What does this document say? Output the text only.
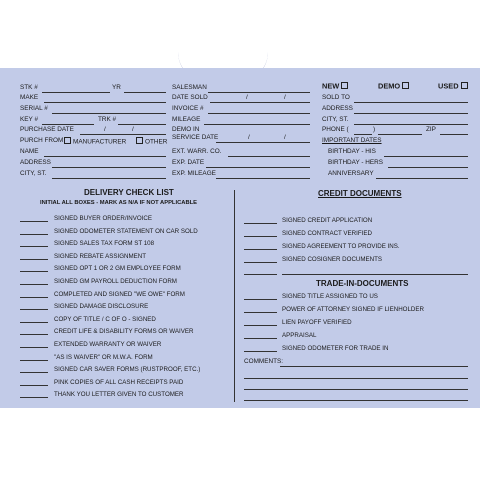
STK #	YR	SALESMAN	NEW	DEMO	USED
MAKE	DATE SOLD	/	/	SOLD TO
SERIAL #	INVOICE #	ADDRESS
KEY #	TRK #	MILEAGE	CITY, ST.
PURCHASE DATE	/	/	DEMO IN
SERVICE DATE	/	/
PHONE (	)	ZIP
PURCH FROM	MANUFACTURER	OTHER	IMPORTANT DATES
NAME	EXT. WARR. CO.	BIRTHDAY - HIS
ADDRESS	EXP. DATE	BIRTHDAY - HERS
CITY, ST.	EXP. MILEAGE	ANNIVERSARY
DELIVERY CHECK LIST
INITIAL ALL BOXES - MARK AS N/A IF NOT APPLICABLE
SIGNED BUYER ORDER/INVOICE
SIGNED ODOMETER STATEMENT ON CAR SOLD
SIGNED SALES TAX FORM ST 108
SIGNED REBATE ASSIGNMENT
SIGNED OPT 1 OR 2 GM EMPLOYEE FORM
SIGNED GM PAYROLL DEDUCTION FORM
COMPLETED AND SIGNED "WE OWE" FORM
SIGNED DAMAGE DISCLOSURE
COPY OF TITLE / C OF O - SIGNED
CREDIT LIFE & DISABILITY FORMS OR WAIVER
EXTENDED WARRANTY OR WAIVER
"AS IS WAIVER" OR M.W.A. FORM
SIGNED CAR SAVER FORMS (RUSTPROOF, ETC.)
PINK COPIES OF ALL CASH RECEIPTS PAID
THANK YOU LETTER GIVEN TO CUSTOMER
CREDIT DOCUMENTS
SIGNED CREDIT APPLICATION
SIGNED CONTRACT VERIFIED
SIGNED AGREEMENT TO PROVIDE INS.
SIGNED COSIGNER DOCUMENTS
TRADE-IN-DOCUMENTS
SIGNED TITLE ASSIGNED TO US
POWER OF ATTORNEY SIGNED IF LIENHOLDER
LIEN PAYOFF VERIFIED
APPRAISAL
SIGNED ODOMETER FOR TRADE IN
COMMENTS:
